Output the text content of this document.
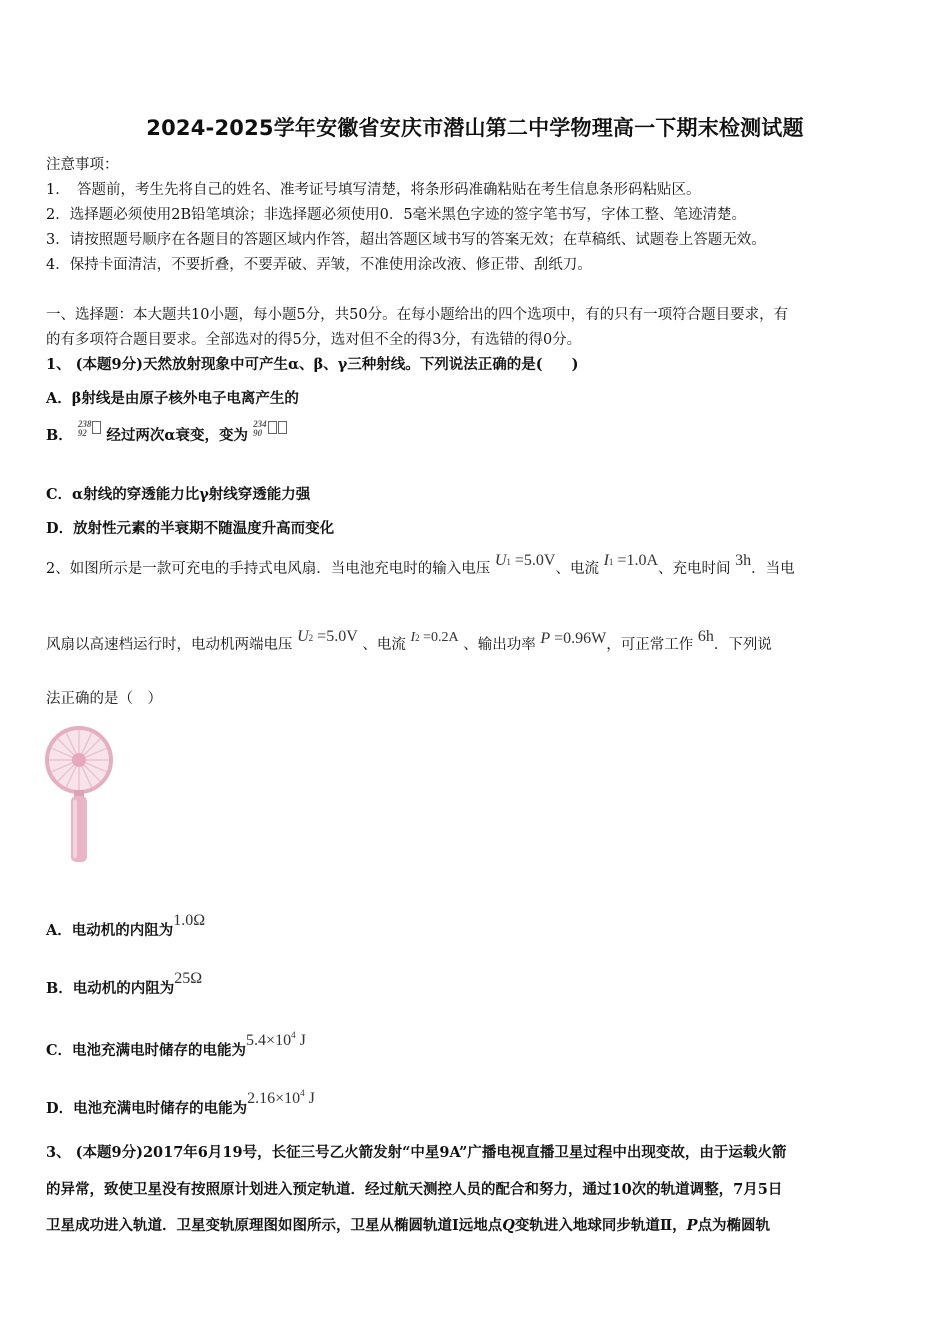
2024-2025学年安徽省安庆市潜山第二中学物理高一下期末检测试题
注意事项：
1．　答题前，考生先将自己的姓名、准考证号填写清楚，将条形码准确粘贴在考生信息条形码粘贴区。
2．选择题必须使用2B铅笔填涂；非选择题必须使用0．5毫米黑色字迹的签字笔书写，字体工整、笔迹清楚。
3．请按照题号顺序在各题目的答题区域内作答，超出答题区域书写的答案无效；在草稿纸、试题卷上答题无效。
4．保持卡面清洁，不要折叠，不要弄破、弄皱，不准使用涂改液、修正带、刮纸刀。
一、选择题：本大题共10小题，每小题5分，共50分。在每小题给出的四个选项中，有的只有一项符合题目要求，有
的有多项符合题目要求。全部选对的得5分，选对但不全的得3分，有选错的得0分。
1、 (本题9分)天然放射现象中可产生α、β、γ三种射线。下列说法正确的是(　　)
A．β射线是由原子核外电子电离产生的
B．
238
92	经过两次α衰变，变为
234
90
C．α射线的穿透能力比γ射线穿透能力强
D．放射性元素的半衰期不随温度升高而变化
2、如图所示是一款可充电的手持式电风扇．当电池充电时的输入电压 U1 =5.0V、电流 I1 =1.0A、充电时间 3h．当电
风扇以高速档运行时，电动机两端电压 U2 =5.0V 、电流 I2 =0.2A 、输出功率 P =0.96W，可正常工作 6h．下列说
法正确的是（　）
A．电动机的内阻为1.0Ω
B．电动机的内阻为25Ω
C．电池充满电时储存的电能为$5.4\times 10^4$ J
D．电池充满电时储存的电能为$2.16\times 10^4$ J
3、 (本题9分)2017年6月19号，长征三号乙火箭发射“中星9A”广播电视直播卫星过程中出现变故，由于运载火箭
的异常，致使卫星没有按照原计划进入预定轨道．经过航天测控人员的配合和努力，通过10次的轨道调整，7月5日
卫星成功进入轨道．卫星变轨原理图如图所示，卫星从椭圆轨道Ⅰ远地点Q变轨进入地球同步轨道Ⅱ，P点为椭圆轨
